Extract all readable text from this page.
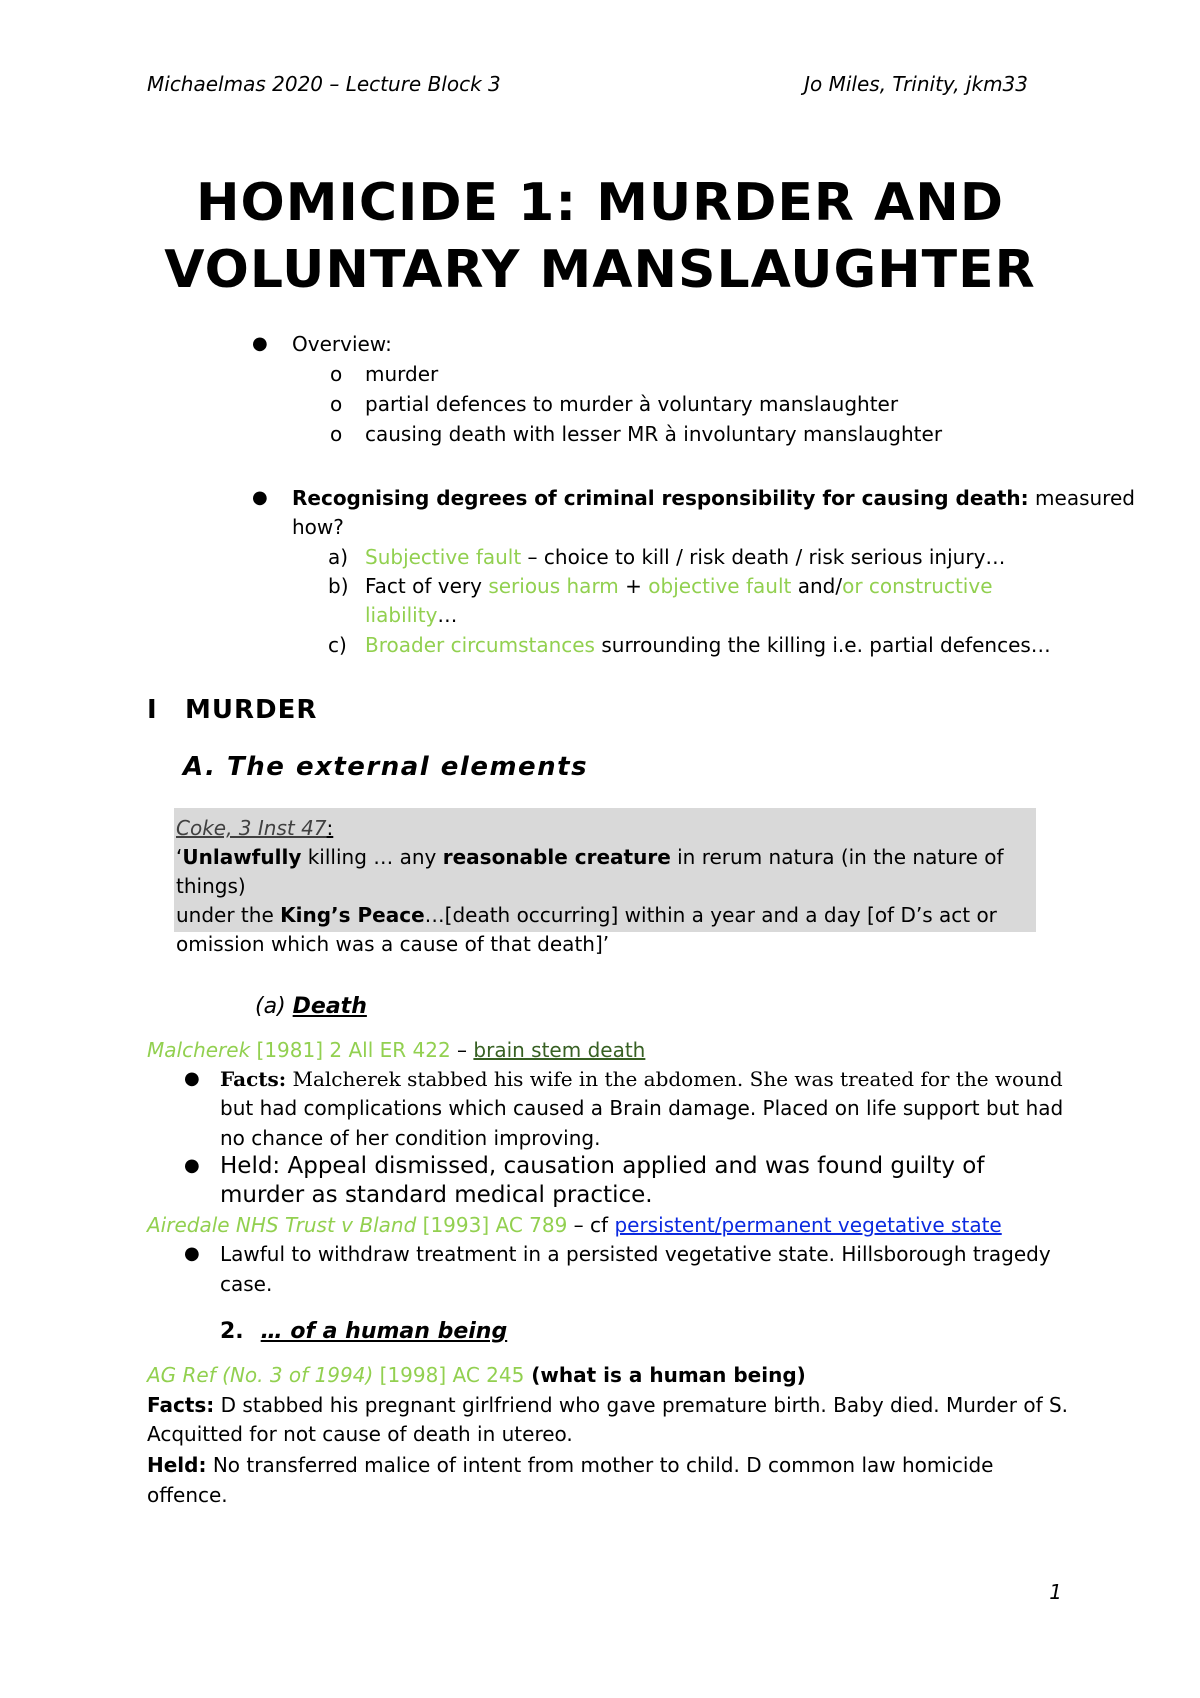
Michaelmas 2020 – Lecture Block 3	Jo Miles, Trinity, jkm33
HOMICIDE 1: MURDER AND
VOLUNTARY MANSLAUGHTER
● Overview:
o murder
o partial defences to murder à voluntary manslaughter
o causing death with lesser MR à involuntary manslaughter
● Recognising degrees of criminal responsibility for causing death: measured
how?
a) Subjective fault – choice to kill / risk death / risk serious injury…
b) Fact of very serious harm + objective fault and/or constructive
liability…
c) Broader circumstances surrounding the killing i.e. partial defences…
I MURDER
A. The external elements
Coke, 3 Inst 47:
‘Unlawfully killing … any reasonable creature in rerum natura (in the nature of things)
under the King’s Peace…[death occurring] within a year and a day [of D’s act or
omission which was a cause of that death]’
(a) Death
Malcherek [1981] 2 All ER 422 – brain stem death
● Facts: Malcherek stabbed his wife in the abdomen. She was treated for the wound
but had complications which caused a Brain damage. Placed on life support but had
no chance of her condition improving.
● Held: Appeal dismissed, causation applied and was found guilty of
murder as standard medical practice.
Airedale NHS Trust v Bland [1993] AC 789 – cf persistent/permanent vegetative state
● Lawful to withdraw treatment in a persisted vegetative state. Hillsborough tragedy
case.
2. … of a human being
AG Ref (No. 3 of 1994) [1998] AC 245 (what is a human being)
Facts: D stabbed his pregnant girlfriend who gave premature birth. Baby died. Murder of S.
Acquitted for not cause of death in utereo.
Held: No transferred malice of intent from mother to child. D common law homicide
offence.
1
